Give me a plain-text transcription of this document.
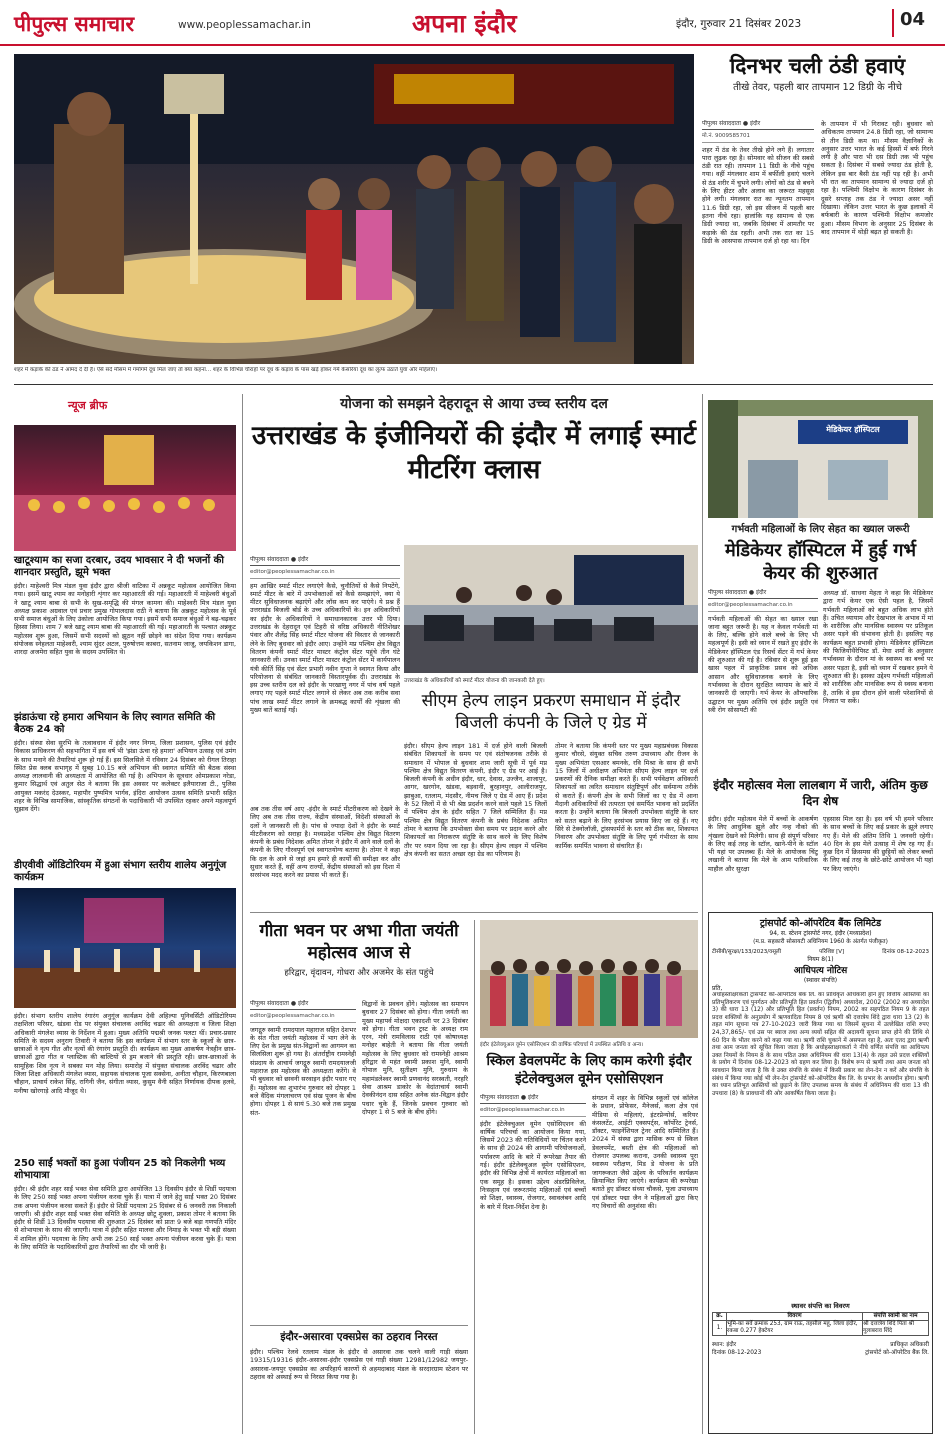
पीपुल्स समाचार	www.peoplessamachar.in	अपना इंदौर	इंदौर, गुरुवार 21 दिसंबर 2023	04
शहर में कड़ाके की ठंड ने आमद दे दी है। ऐसे सर्द मौसम में गर्मागर्म दूध मिल जाए तो क्या कहना... शहर के विभिन्न चौराहों पर दूध के कड़ाव के पास खड़े होकर गर्म केसरिया दूध का लुत्फ उठाते युवा और महिलाएं।
दिनभर चली ठंडी हवाएं
तीखे तेवर, पहली बार तापमान 12 डिग्री के नीचे
पीपुल्स संवाददाता ● इंदौर
मो.नं. 9009585701
शहर में ठंड के तेवर तीखे होने लगे हैं। लगातार पारा लुढ़क रहा है। सोमवार को सीजन की सबसे ठंडी रात रही। तापमान 11 डिग्री के नीचे पहुंच गया। वहीं मंगलवार शाम में बर्फीली हवाएं चलने से ठंड शरीर में चुभने लगी। लोगों को ठंड से बचने के लिए हीटर और अलाव का जरूरत महसूस होने लगी। मंगलवार रात का न्यूनतम तापमान 11.6 डिग्री रहा, जो इस सीजन में पहली बार इतना नीचे रहा। हालांकि यह सामान्य से एक डिग्री ज्यादा था, जबकि दिसंबर में आमतौर पर कड़ाके की ठंड रहती। अभी तक रात का 15 डिग्री के आसपास तापमान दर्ज हो रहा था। दिन
के तापमान में भी गिरावट रही। बुधवार को अधिकतम तापमान 24.8 डिग्री रहा, जो सामान्य से तीन डिग्री कम था। मौसम वैज्ञानिकों के अनुसार उत्तर भारत के कई हिस्सों में बर्फ गिरने लगी है और पारा भी दस डिग्री तक भी पहुंच सकता है। दिसंबर में सबसे ज्यादा ठंड होती है, लेकिन इस बार बैसी ठंड नहीं पड़ रही है। अभी भी रात का तापमान सामान्य से ज्यादा दर्ज हो रहा है। पश्चिमी विक्षोभ के कारण दिसंबर के दूसरे सप्ताह तक ठंड ने ज्यादा असर नहीं दिखाया। लेकिन उत्तर भारत के कुछ इलाकों में बर्फबारी के कारण पश्चिमी विक्षोभ कमजोर हुआ। मौसम विभाग के अनुसार 25 दिसंबर के बाद तापमान में थोड़ी बढ़त हो सकती है।
न्यूज ब्रीफ
खाटूश्याम का सजा दरबार, उदय भावसार ने दी भजनों की शानदार प्रस्तुति, झूमे भक्त
इंदौर। माहेश्वरी मित्र मंडल युवा इंदौर द्वारा श्रीजी वाटिका में अन्नकूट महोत्सव आयोजित किया गया। इसमें खाटू श्याम का मनोहारी शृंगार कर महाआरती की गई। महाआरती में माहेश्वरी बंधुओं ने खाटू श्याम बाबा से सभी के सुख-समृद्धि की मंगल कामना की। माहेश्वरी मित्र मंडल युवा अध्यक्ष प्रकाश अग्रवाल एवं प्रचार प्रमुख गोपालदास राठी ने बताया कि अन्नकूट महोत्सव के पूर्व सभी समाज बंधुओं के लिए उंकोला आयोजित किया गया। इसमें सभी समाज बंधुओं ने बढ़-चढ़कर हिस्सा लिया। शाम 7 बजे खाटू श्याम बाबा की महाआरती की गई। महाआरती के पश्चात अन्नकूट महोत्सव शुरू हुआ, जिसमें सभी सदस्यों को झूठन नहीं छोड़ने का संदेश दिया गया। कार्यक्रम संयोजक स्नेहलता माहेश्वरी, श्याम सुंदर अटल, पुरुषोत्तम काबरा, सतनाम जाजू, जयकिशन डागा, शारदा अजमेरा सहित युवा के सदस्य उपस्थित थे।
झंडाऊंचा रहे हमारा अभियान के लिए स्वागत समिति की बैठक 24 को
इंदौर। संस्था सेवा सुरभि के तत्वावधान में इंदौर नगर निगम, जिला प्रशासन, पुलिस एवं इंदौर विकास प्राधिकरण की सहभागिता में इस वर्ष भी 'झंडा ऊंचा रहे हमारा' अभियान उत्साह एवं उमंग के साथ मनाने की तैयारियां शुरू हो गई हैं। इस सिलसिले में रविवार 24 दिसंबर को रीगल तिराहा स्थित प्रेस क्लब सभागृह में सुबह 10.15 बजे अभियान की स्वागत समिति की बैठक संस्था अध्यक्ष लालवानी की अध्यक्षता में आयोजित की गई है। अभियान के सूत्रधार ओमप्रकाश नरेडा, कुमार सिद्धार्थ एवं अतुल सेठ ने बताया कि इस अवसर पर कलेक्टर इलैयाराजा टी., पुलिस आयुक्त मकरंद देउस्कर, महापौर पुष्यमित्र भार्गव, इंदिरा आयोजन उत्सव समिति प्रभारी सहित शहर के विभिन्न सामाजिक, सांस्कृतिक संगठनों के पदाधिकारी भी उपस्थित रहकर अपने महत्वपूर्ण सुझाव देंगे।
डीएवीवी ऑडिटोरियम में हुआ संभाग स्तरीय शालेय अनुगूंज कार्यक्रम
इंदौर। संभाग स्तरीय शालेय रंगारंग अनुगूंज कार्यक्रम देवी अहिल्या यूनिवर्सिटी ऑडिटोरियम तक्षशिला परिसर, खंडवा रोड पर संयुक्त संचालक अरविंद चढार की अध्यक्षता व जिला शिक्षा अधिकारी मंगलेश व्यास के निर्देशन में हुआ। मुख्य अतिथि पद्मश्री जनक पलटा थीं। प्रचार-प्रसार समिति के सदस्य अनुराग तिवारी ने बताया कि इस कार्यक्रम में संभाग स्तर के स्कूलों के छात्र-छात्राओं ने नृत्य गीत और नृत्यों की रंगारंग प्रस्तुति दी। कार्यक्रम का मुख्य आकर्षण नेत्रहीन छात्र-छात्राओं द्वारा गीत व प्लास्टिक की बाल्टियों से ड्रम बजाने की प्रस्तुति रही। छात्र-छात्राओं के सामूहिक शिव नृत्य ने सबका मन मोह लिया। समारोह में संयुक्त संचालक अरविंद चढार और जिला शिक्षा अधिकारी मंगलेश व्यास, सहायक संचालक पूजा सक्सेना, अनीता चौहान, किरणबाला चौहान, प्राचार्य राकेश सिंह, रागिनी जैन, संगीता व्यास, कुसुम वैनी सहित निर्णायक दीपक हलवे, मनीषा खोरगाड़े आदि मौजूद थे।
250 साईं भक्तों का हुआ पंजीयन 25 को निकलेगी भव्य शोभायात्रा
इंदौर। श्री इंदौर शहर साईं भक्त सेवा समिति द्वारा आयोजित 13 दिवसीय इंदौर से शिर्डी पदयात्रा के लिए 250 साईं भक्त अपना पंजीयन करवा चुके हैं। यात्रा में जाने हेतु साईं भक्त 20 दिसंबर तक अपना पंजीयन करवा सकते हैं। इंदौर से शिर्डी पदयात्रा 25 दिसंबर से 6 जनवरी तक निकाली जाएगी। श्री इंदौर शहर साईं भक्त सेवा समिति के अध्यक्ष छोटू शुक्ला, प्रकाश तोमर ने बताया कि इंदौर से शिर्डी 13 दिवसीय पदयात्रा की शुरुआत 25 दिसंबर को प्रातः 9 बजे बड़ा गणपति मंदिर से शोभायात्रा के साथ की जाएगी। यात्रा में इंदौर सहित मालवा और निमाड़ के भक्त भी बड़ी संख्या में शामिल होंगे। पदयात्रा के लिए अभी तक 250 साईं भक्त अपना पंजीयन करवा चुके हैं। यात्रा के लिए समिति के पदाधिकारियों द्वारा तैयारियों का दौर भी जारी है।
योजना को समझने देहरादून से आया उच्च स्तरीय दल
उत्तराखंड के इंजीनियरों की इंदौर में लगाई स्मार्ट मीटरिंग क्लास
पीपुल्स संवाददाता ● इंदौर
editor@peoplessamachar.co.in
हम आखिर स्मार्ट मीटर लगाएंगे कैसे, चुनौतियों से कैसे निपटेंगे, स्मार्ट मीटर के बारे में उपभोक्ताओं को कैसे समझाएंगे, क्या ये मीटर सुविधाजनक बढ़ाएंगे और लॉस कम कर पाएंगे। ये प्रश्न हैं उत्तराखंड बिजली बोर्ड के उच्च अधिकारियों के। इन अधिकारियों का इंदौर के अधिकारियों ने समाधानकारक उत्तर भी दिया। उत्तराखंड के देहरादून एवं टिहरी से वरिष्ठ अधिकारी नीतिशेखर पंवार और शैलेंद्र सिंह स्मार्ट मीटर योजना की विस्तार से जानकारी लेने के लिए बुधवार को इंदौर आए। उन्होंने मप्र पश्चिम क्षेत्र विद्युत वितरण कंपनी स्मार्ट मीटर मास्टर कंट्रोल सेंटर पहुंचे तीन घंटे जानकारी ली। उनका स्मार्ट मीटर मास्टर कंट्रोल सेंटर में कार्यपालन यंत्री कीर्ति सिंह एवं सेंटर प्रभारी नवीन गुप्ता ने स्वागत किया और परियोजना से संबंधित जानकारी विस्तारपूर्वक दी। उत्तराखंड के इस उच्च स्तरीय दल को इंदौर के परखाणु नगर में पांच वर्ष पहले लगाए गए पहले स्मार्ट मीटर लगाने से लेकर अब तक करीब सवा पांच लाख स्मार्ट मीटर लगाने के क्रमबद्ध कार्यों की शृंखला की मुख्य बातें बताई गईं।
उत्तराखंड के अधिकारियों को स्मार्ट मीटर योजना की जानकारी देते हुए।
अब तक तीस वर्ष आए -इंदौर के स्मार्ट मीटरीकरण को देखने के लिए अब तक तीस राज्य, केंद्रीय संस्थाओं, विदेशी संस्थाओं के दलों ने जानकारी ली है। पांच से ज्यादा देशों ने इंदौर के स्मार्ट मीटरीकरण को सराहा है। मध्यप्रदेश पश्चिम क्षेत्र विद्युत वितरण कंपनी के प्रबंध निदेशक अमित तोमर ने इंदौर में आने वाले दलों के कंपनी के लिए गौरवपूर्ण एवं स्वागतयोग्य बताया है। तोमर ने कहा कि दल के आने से जहां हम हमारे ही कार्यों की समीक्षा कर और सुधार करते हैं, वहीं अन्य राज्यों, केंद्रीय संस्थाओं को इस दिशा में सरसंभव मदद करने का प्रयास भी करते हैं।
सीएम हेल्प लाइन प्रकरण समाधान में इंदौर बिजली कंपनी के जिले ए ग्रेड में
इंदौर। सीएम हेल्प लाइन 181 में दर्ज होने वाली बिजली संबंधित शिकायतों के समय पर एवं संतोषजनक तरीके से समाधान में भोपाल से बुधवार शाम जारी सूची में पूर्व मप्र पश्चिम क्षेत्र विद्युत वितरण कंपनी, इंदौर ए ग्रेड पर आई है। बिजली कंपनी के अधीन इंदौर, धार, देवास, उज्जैन, शाजापुर, आगर, खरगोन, खंडवा, बड़वानी, बुरहानपुर, आलीराजपुर, झाबुआ, रतलाम, मंदसौर, नीमच जिले ए ग्रेड में आए हैं। प्रदेश के 52 जिलों में से भी श्रेष्ठ प्रदर्शन करने वाले पहले 15 जिलों में पश्चिम क्षेत्र के इंदौर सहित 7 जिले सम्मिलित हैं। मप्र पश्चिम क्षेत्र विद्युत वितरण कंपनी के प्रबंध निदेशक अमित तोमर ने बताया कि उपभोक्ता सेवा समय पर प्रदान करने और शिकायतों का निराकरण संतुष्टि के साथ करने के लिए विशेष तौर पर ध्यान दिया जा रहा है। सीएम हेल्प लाइन में पश्चिम क्षेत्र कंपनी का सतत अच्छा रहा ग्रेड का परिणाम है।
तोमर ने बताया कि कंपनी स्तर पर मुख्य महाप्रबंधक विकास कुमार चौरसे, संयुक्त सचिव तरुण उपाध्याय और रीजन के मुख्य अभियंता एसआर बमनके, रवि मिश्रा के साथ ही सभी 15 जिलों में अधीक्षण अभियंता सीएम हेल्प लाइन पर दर्ज प्रकरणों की दैनिक समीक्षा करते हैं। सभी पर्यवेक्षण अधिकारी शिकायतों का त्वरित समाधान संतुष्टिपूर्ण और सर्वमान्य तरीके से कराते हैं। कंपनी क्षेत्र के सभी जिलों का ए ग्रेड में आना मैदानी अधिकारियों की तत्परता एवं समर्पित भावना को प्रदर्शित करता है। उन्होंने बताया कि बिजली उपभोक्ता संतुष्टि के स्तर को सतत बढ़ाने के लिए हरसंभव प्रयास किए जा रहे हैं। नए सिरे से टेक्नोलॉजी, ट्रांसफार्मरों के स्तर को ठीक कर, शिकायत निवारण और उपभोक्ता संतुष्टि के लिए पूर्ण गंभीरता के साथ कार्मिक समर्पित भावना से संचारित हैं।
मेडिकेयर हॉस्पिटल
गर्भवती महिलाओं के लिए सेहत का ख्याल जरूरी
मेडिकेयर हॉस्पिटल में हुई गर्भ केयर की शुरुआत
पीपुल्स संवाददाता ● इंदौर
editor@peoplessamachar.co.in
गर्भवती महिलाओं की सेहत का ख्याल रखा जाना बहुत जरूरी है। यह न केवल गर्भवती मां के लिए, बल्कि होने वाले बच्चे के लिए भी महत्वपूर्ण है। इसी को ध्यान में रखते हुए इंदौर के मेडिकेयर हॉस्पिटल एंड रिसर्च सेंटर में गर्भ केयर की शुरुआत की गई है। रविवार से शुरू हुई इस खास पहल में प्राकृतिक प्रसव को अधिक आसान और सुविधाजनक बनाने के लिए गर्भावस्था के दौरान सुरक्षित व्यायाम के बारे में जानकारी दी जाएगी। गर्भ केयर के औपचारिक उद्घाटन पर मुख्य अतिथि एवं इंदौर प्रसूति एवं स्त्री रोग सोसायटी की
अध्यक्ष डॉ. साधना मेहता ने कहा कि मेडिकेयर द्वारा गर्भ केयर एक ऐसी पहल है, जिसमें गर्भवती महिलाओं को बहुत अधिक लाभ होते हैं। उचित व्यायाम और देखभाल के अभाव में मां के शारीरिक और मानसिक स्वास्थ्य पर प्रतिकूल असर पड़ने की संभावना होती है। इसलिए यह कार्यक्रम बहुत प्रभावी होगा। मेडिकेयर हॉस्पिटल की फिजियोथैरेपिस्ट डॉ. मेघा शर्मा के अनुसार गर्भावस्था के दौरान मां के स्वास्थ्य का बच्चे पर असर पड़ता है, इसी को ध्यान में रखकर हमने ये शुरुआत की है। इसका उद्देश्य गर्भवती महिलाओं को शारीरिक और मानसिक रूप से स्वस्थ बनाना है, ताकि वे इस दौरान होने वाली परेशानियों से निजात पा सकें।
इंदौर महोत्सव मेला लालबाग में जारी, अंतिम कुछ दिन शेष
इंदौर। इंदौर महोत्सव मेले में बच्चों के आकर्षण के लिए आधुनिक झूले और नन्ह नौको की शृंखला देखने को मिलेगी। साथ ही संपूर्ण परिवार के लिए कई तरह के स्टॉल, खाने-पीने के स्टॉल भी यहां पर उपलब्ध हैं। मेले के आयोजक चिंटू लखानी ने बताया कि मेले के आम पारिवारिक माहौल और सुरक्षा
एहसास मिल रहा है। इस वर्ष भी हमने परिवार के साथ बच्चों के लिए कई प्रकार के झूले लगाए गए हैं। मेले की अंतिम तिथि 1 जनवरी रहेगी। 40 दिन के इस मेले उत्साह में शेष रह गए हैं। कुछ दिन में क्रिसमस की छुट्टियों को लेकर बच्चों के लिए कई तरह के छोटे-छोटे आयोजन भी यहां पर किए जाएंगे।
गीता भवन पर अभा गीता जयंती महोत्सव आज से
हरिद्वार, वृंदावन, गोधरा और अजमेर के संत पहुंचे
पीपुल्स संवाददाता ● इंदौर
editor@peoplessamachar.co.in
जगद्गुरु स्वामी रामदयाल महाराज सहित देशभर के संत गीता जयंती महोत्सव में भाग लेने के लिए देश के प्रमुख संत-विद्वानों का आगमन का सिलसिला शुरू हो गया है। अंतर्राष्ट्रीय रामस्नेही संप्रदाय के आचार्य जगद्गुरु स्वामी रामदयालजी महाराज इस महोत्सव की अध्यक्षता करेंगे। वे भी बुधवार को छावनी सरवाइन इंदौर पधार गए हैं। महोत्सव का शुभारंभ गुरुवार को दोपहर 1 बजे वैदिक मंगलाचरण एवं संख पूजन के बीच होगा। दोपहर 1 से सायं 5.30 बजे तक प्रमुख संत-
विद्वानों के प्रवचन होंगे। महोत्सव का समापन बुधवार 27 दिसंबर को होगा। गीता जयंती का मुख्य महापर्व मोक्षदा एकादशी पर 23 दिसंबर को होगा। गीता भवन ट्रस्ट के अध्यक्ष राम एरन, मंत्री रामविलास राठी एवं कोषाध्यक्ष मनोहर बाहेती ने बताया कि गीता जयंती महोत्सव के लिए बुधवार को रामस्नेही आश्रम हरिद्वार से महंत स्वामी प्रकाश मुनि, स्वामी गोपाल मुनि, सुतीक्ष्ण मुनि, गुरुधाम के महामंडलेश्वर स्वामी प्रणवानंद सरस्वती, नरहरि सेवा आश्रम डाकोर के वेदांताचार्य स्वामी देवकीनंदन दास सहित अनेक संत-विद्वान इंदौर पधार चुके हैं, जिनके प्रवचन गुरुवार को दोपहर 1 से 5 बजे के बीच होंगे।
इंदौर-असारवा एक्सप्रेस का ठहराव निरस्त
इंदौर। पश्चिम रेलवे रतलाम मंडल के इंदौर से असारवा तक चलने वाली गाड़ी संख्या 19315/19316 इंदौर-असारवा-इंदौर एक्सप्रेस एवं गाड़ी संख्या 12981/12982 जयपुर-असारवा-जयपुर एक्सप्रेस का अपरिहार्य कारणों से अहमदाबाद मंडल के सरदारग्राम स्टेशन पर ठहराव को अस्थाई रूप से निरस्त किया गया है।
इंदौर इंटेलेक्चुअल वूमेन एसोसिएशन की वार्षिक परिचर्चा में उपस्थित अतिथि व अन्य।
स्किल डेवलपमेंट के लिए काम करेगी इंदौर इंटेलेक्चुअल वूमेन एसोसिएशन
पीपुल्स संवाददाता ● इंदौर
editor@peoplessamachar.co.in
इंदौर इंटेलेक्चुअल वूमेन एसोसिएशन की वार्षिक परिचर्चा का आयोजन किया गया, जिसमें 2023 की गतिविधियों पर चिंतन करने के साथ ही 2024 की आगामी परियोजनाओं, पर्यावरण आदि के बारे में रूपरेखा तैयार की गई। इंदौर इंटेलेक्चुअल वूमेन एसोसिएशन, इंदौर की विभिन्न क्षेत्रों में कार्यरत महिलाओं का एक समूह है। इसका उद्देश्य अंडरप्रिविलेज, निःसहाय एवं जरूरतमंद महिलाओं एवं बच्चों को शिक्षा, स्वास्थ्य, रोजगार, स्वावलंबन आदि के बारे में दिशा-निर्देश देना है।
संगठन में शहर के विभिन्न स्कूलों एवं कॉलेज के प्रधान, प्रोफेसर, मैनेजर्स, कला क्षेत्र एवं मीडिया से महिलाएं, इंटरप्रेन्योर्स, करियर कंसलटेंट, आईटी एक्सपर्ट्स, कॉर्पोरेट ट्रेनर्स, डॉक्टर, फाइनेंशियल ट्रेनर आदि सम्मिलित हैं। 2024 में संस्था द्वारा मासिक रूप से स्किल डेवलपमेंट, बस्ती क्षेत्र की महिलाओं को रोजगार उपलब्ध कराना, उनकी स्वास्थ्य पूरा स्वास्थ्य परीक्षण, मिड डे योजना के प्रति जागरूकता जैसे उद्देश्य के परिवर्तन कार्यक्रम क्रियान्वित किए जाएंगे। कार्यक्रम की रूपरेखा बताते हुए डॉक्टर संध्या चौकसे, पूजा उपाध्याय एवं डॉक्टर पद्मा जैन ने महिलाओं द्वारा किए गए विचारों की अनुशंसा की।
ट्रांसपोर्ट को-ऑपरेटिव बैंक लिमिटेड
94, स. स्टेशन ट्रांसपोर्ट नगर, इंदौर (मध्यप्रदेश)
(म.प्र. सहकारी सोसायटी अधिनियम 1960 के अंतर्गत पंजीकृत)
टीसीबी/सुरक्षा/133/2023/वसूली	परिशिष्ट [V]	दिनांक 08-12-2023
नियम 8(1)
आधिपत्य नोटिस
(स्थावर संपत्ति)
प्रति,
अधोहस्ताक्षरकर्ता ट्रांसपोर्ट को-ऑपरेटिव बैंक लि. का प्राधिकृत अधिकारी होने हुए वित्तीय आस्तियों का प्रतिभूतिकरण एवं पुनर्गठन और प्रतिभूति हित प्रवर्तन (द्वितीय) अध्यादेश, 2002 (2002 का अध्यादेश 3) की धारा 13 (12) और प्रतिभूति हित (प्रवर्तन) नियम, 2002 का सहपठित नियम 9 के तहत प्रदत्त शक्तियों के अनुप्रयोग में ऋणवादिता नियम 8 एवं ऋणी श्री दत्तात्रेय शिंदे द्वारा धारा 13 (2) के तहत मांग सूचना पत्र 27-10-2023 जारी किया गया था जिसमें सूचना में उल्लेखित राशि रुपए 24,37,865/- एवं उस पर ब्याज तथा अन्य व्ययों सहित की अदायगी सूचना प्राप्त होने की तिथि से 60 दिन के भीतर करने को कहा गया था। ऋणी राशि चुकाने में असफल रहा है, अतः एतद द्वारा ऋणी तथा आम जनता को सूचित किया जाता है कि अधोहस्ताक्षरकर्ता ने नीचे वर्णित संपत्ति का आधिपत्य उक्त नियमों के नियम 8 के साथ पठित उक्त अधिनियम की धारा 13(4) के तहत उसे प्रदत्त शक्तियों के प्रयोग में दिनांक 08-12-2023 को ग्रहण कर लिया है। विशेष रूप से ऋणी तथा आम जनता को सावधान किया जाता है कि वे उक्त संपत्ति के संबंध में किसी प्रकार का लेन-देन न करें और संपत्ति के संबंध में किया गया कोई भी लेन-देन ट्रांसपोर्ट को-ऑपरेटिव बैंक लि. के प्रभार के अध्यधीन होगा। ऋणी का ध्यान प्रतिभूत आस्तियों को छुड़ाने के लिए उपलब्ध समय के संबंध में अधिनियम की धारा 13 की उपधारा (8) के प्रावधानों की ओर आकर्षित किया जाता है।
स्थावर संपत्ति का विवरण
क्र.	विवरण	संपत्ति स्वामी का नाम
1.	भूमि-का सर्वे क्रमांक 253, ग्राम राऊ, तहसील महू, जिला इंदौर, रकबा 0.277 हेक्टेयर	श्री दत्तात्रेय शिंदे पिता श्री गुलाबराव शिंदे
स्थान: इंदौर
दिनांक 08-12-2023
प्राधिकृत अधिकारी
ट्रांसपोर्ट को-ऑपरेटिव बैंक लि.
